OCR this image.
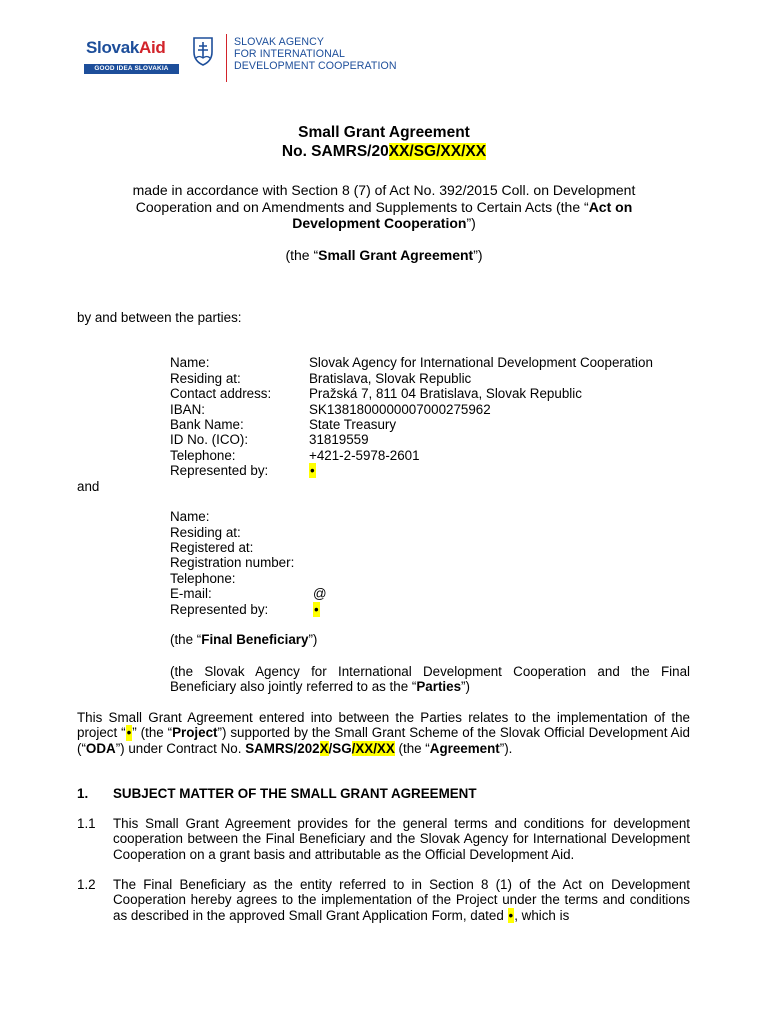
SlovakAid
GOOD IDEA SLOVAKIA
SLOVAK AGENCY
FOR INTERNATIONAL
DEVELOPMENT COOPERATION
Small Grant Agreement
No. SAMRS/20XX/SG/XX/XX
made in accordance with Section 8 (7) of Act No. 392/2015 Coll. on Development Cooperation and on Amendments and Supplements to Certain Acts (the “Act on Development Cooperation”)
(the “Small Grant Agreement”)
by and between the parties:
Name:	Slovak Agency for International Development Cooperation
Residing at:	Bratislava, Slovak Republic
Contact address:	Pražská 7, 811 04 Bratislava, Slovak Republic
IBAN:	SK1381800000007000275962
Bank Name:	State Treasury
ID No. (ICO):	31819559
Telephone:	+421-2-5978-2601
Represented by:	•
and
Name:
Residing at:
Registered at:
Registration number:
Telephone:
E-mail:	@
Represented by:	•
(the “Final Beneficiary”)
(the Slovak Agency for International Development Cooperation and the Final Beneficiary also jointly referred to as the “Parties”)
This Small Grant Agreement entered into between the Parties relates to the implementation of the project “•” (the “Project”) supported by the Small Grant Scheme of the Slovak Official Development Aid (“ODA”) under Contract No. SAMRS/202X/SG/XX/XX (the “Agreement”).
1. SUBJECT MATTER OF THE SMALL GRANT AGREEMENT
1.1 This Small Grant Agreement provides for the general terms and conditions for development cooperation between the Final Beneficiary and the Slovak Agency for International Development Cooperation on a grant basis and attributable as the Official Development Aid.
1.2 The Final Beneficiary as the entity referred to in Section 8 (1) of the Act on Development Cooperation hereby agrees to the implementation of the Project under the terms and conditions as described in the approved Small Grant Application Form, dated •, which is
